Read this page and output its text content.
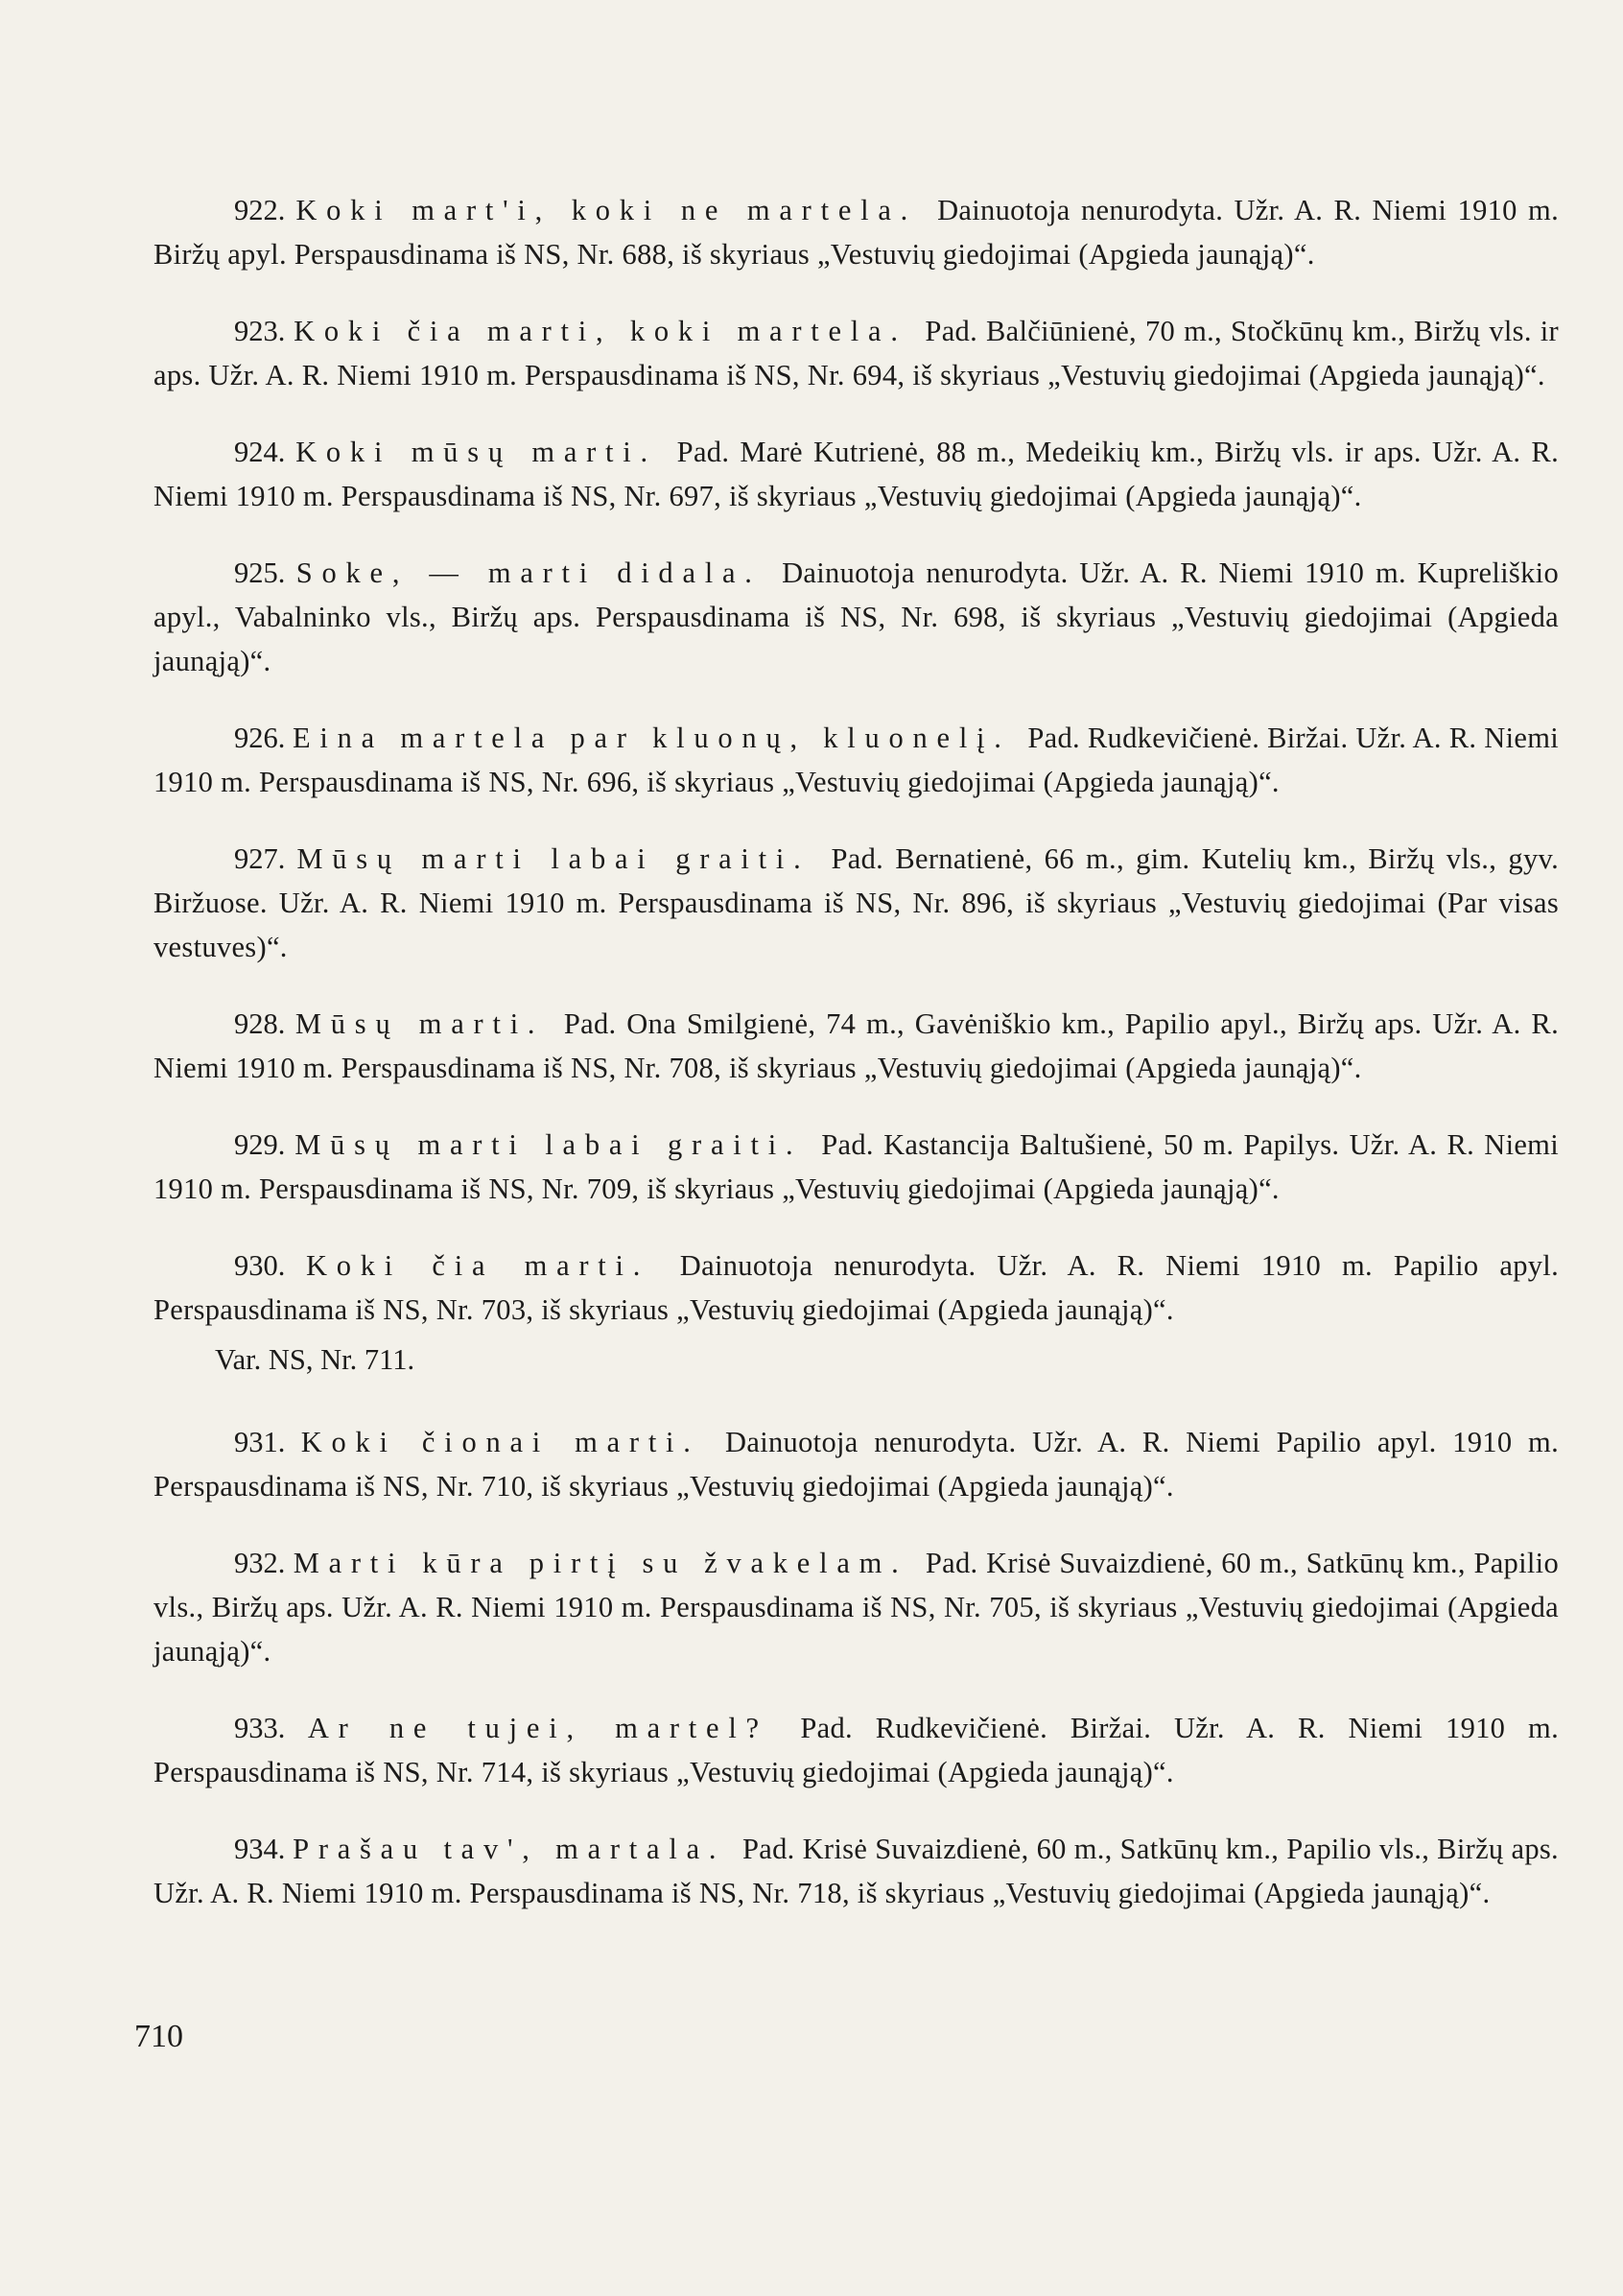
922. Koki mart'i, koki ne martela. Dainuotoja nenurodyta. Užr. A. R. Niemi 1910 m. Biržų apyl. Perspausdinama iš NS, Nr. 688, iš skyriaus „Vestuvių giedojimai (Apgieda jaunąją)“.

923. Koki čia marti, koki martela. Pad. Balčiūnienė, 70 m., Stočkūnų km., Biržų vls. ir aps. Užr. A. R. Niemi 1910 m. Perspausdinama iš NS, Nr. 694, iš skyriaus „Vestuvių giedojimai (Apgieda jaunąją)“.

924. Koki mūsų marti. Pad. Marė Kutrienė, 88 m., Medeikių km., Biržų vls. ir aps. Užr. A. R. Niemi 1910 m. Perspausdinama iš NS, Nr. 697, iš skyriaus „Vestuvių giedojimai (Apgieda jaunąją)“.

925. Soke, — marti didala. Dainuotoja nenurodyta. Užr. A. R. Niemi 1910 m. Kupreliškio apyl., Vabalninko vls., Biržų aps. Perspausdinama iš NS, Nr. 698, iš skyriaus „Vestuvių giedojimai (Apgieda jaunąją)“.

926. Eina martela par kluonų, kluonelį. Pad. Rudkevičienė. Biržai. Užr. A. R. Niemi 1910 m. Perspausdinama iš NS, Nr. 696, iš skyriaus „Vestuvių giedojimai (Apgieda jaunąją)“.

927. Mūsų marti labai graiti. Pad. Bernatienė, 66 m., gim. Kutelių km., Biržų vls., gyv. Biržuose. Užr. A. R. Niemi 1910 m. Perspausdinama iš NS, Nr. 896, iš skyriaus „Vestuvių giedojimai (Par visas vestuves)“.

928. Mūsų marti. Pad. Ona Smilgienė, 74 m., Gavėniškio km., Papilio apyl., Biržų aps. Užr. A. R. Niemi 1910 m. Perspausdinama iš NS, Nr. 708, iš skyriaus „Vestuvių giedojimai (Apgieda jaunąją)“.

929. Mūsų marti labai graiti. Pad. Kastancija Baltušienė, 50 m. Papilys. Užr. A. R. Niemi 1910 m. Perspausdinama iš NS, Nr. 709, iš skyriaus „Vestuvių giedojimai (Apgieda jaunąją)“.

930. Koki čia marti. Dainuotoja nenurodyta. Užr. A. R. Niemi 1910 m. Papilio apyl. Perspausdinama iš NS, Nr. 703, iš skyriaus „Vestuvių giedojimai (Apgieda jaunąją)“.

Var. NS, Nr. 711.

931. Koki čionai marti. Dainuotoja nenurodyta. Užr. A. R. Niemi Papilio apyl. 1910 m. Perspausdinama iš NS, Nr. 710, iš skyriaus „Vestuvių giedojimai (Apgieda jaunąją)“.

932. Marti kūra pirtį su žvakelam. Pad. Krisė Suvaizdienė, 60 m., Satkūnų km., Papilio vls., Biržų aps. Užr. A. R. Niemi 1910 m. Perspausdinama iš NS, Nr. 705, iš skyriaus „Vestuvių giedojimai (Apgieda jaunąją)“.

933. Ar ne tujei, martel? Pad. Rudkevičienė. Biržai. Užr. A. R. Niemi 1910 m. Perspausdinama iš NS, Nr. 714, iš skyriaus „Vestuvių giedojimai (Apgieda jaunąją)“.

934. Prašau tav', martala. Pad. Krisė Suvaizdienė, 60 m., Satkūnų km., Papilio vls., Biržų aps. Užr. A. R. Niemi 1910 m. Perspausdinama iš NS, Nr. 718, iš skyriaus „Vestuvių giedojimai (Apgieda jaunąją)“.

710
